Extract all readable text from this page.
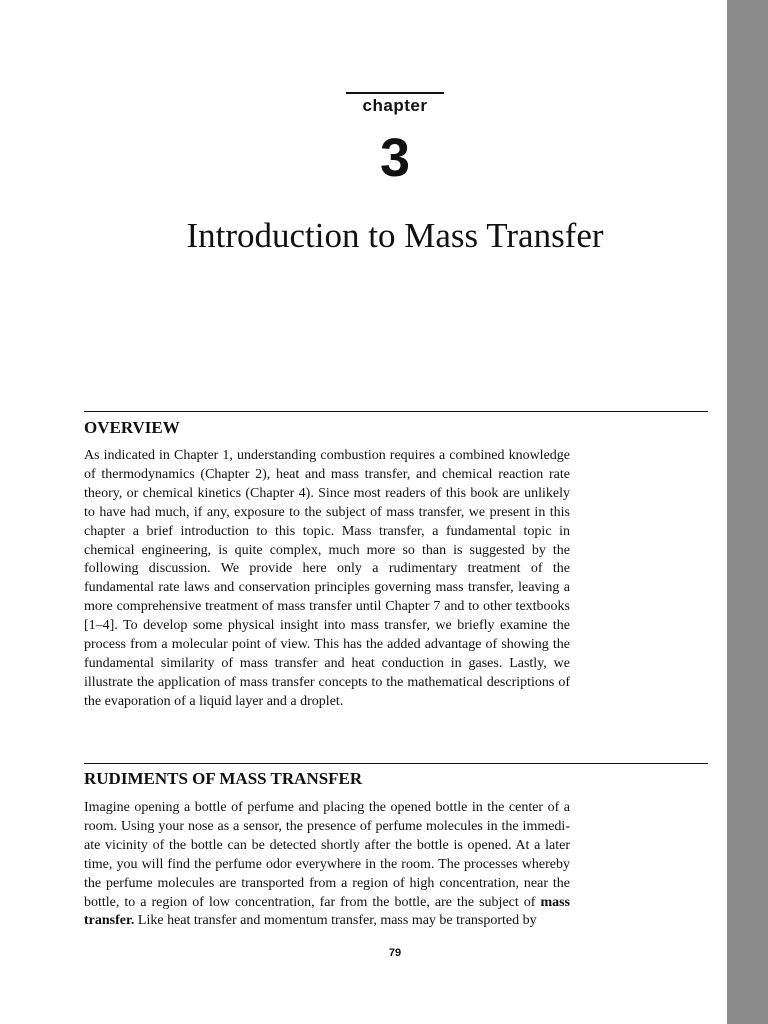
chapter
3
Introduction to Mass Transfer
OVERVIEW

As indicated in Chapter 1, understanding combustion requires a combined knowledge of thermodynamics (Chapter 2), heat and mass transfer, and chemical reaction rate theory, or chemical kinetics (Chapter 4). Since most readers of this book are unlikely to have had much, if any, exposure to the subject of mass transfer, we present in this chapter a brief introduction to this topic. Mass transfer, a fundamental topic in chemical engineering, is quite complex, much more so than is suggested by the following discussion. We provide here only a rudimentary treatment of the fundamental rate laws and conservation principles governing mass transfer, leaving a more comprehensive treatment of mass transfer until Chapter 7 and to other textbooks [1–4]. To develop some physical insight into mass transfer, we briefly examine the process from a molecular point of view. This has the added advantage of showing the fundamental similarity of mass transfer and heat conduction in gases. Lastly, we illustrate the application of mass transfer concepts to the mathematical descriptions of the evaporation of a liquid layer and a droplet.

RUDIMENTS OF MASS TRANSFER

Imagine opening a bottle of perfume and placing the opened bottle in the center of a room. Using your nose as a sensor, the presence of perfume molecules in the immedi-ate vicinity of the bottle can be detected shortly after the bottle is opened. At a later time, you will find the perfume odor everywhere in the room. The processes whereby the perfume molecules are transported from a region of high concentration, near the bottle, to a region of low concentration, far from the bottle, are the subject of mass transfer. Like heat transfer and momentum transfer, mass may be transported by

79
